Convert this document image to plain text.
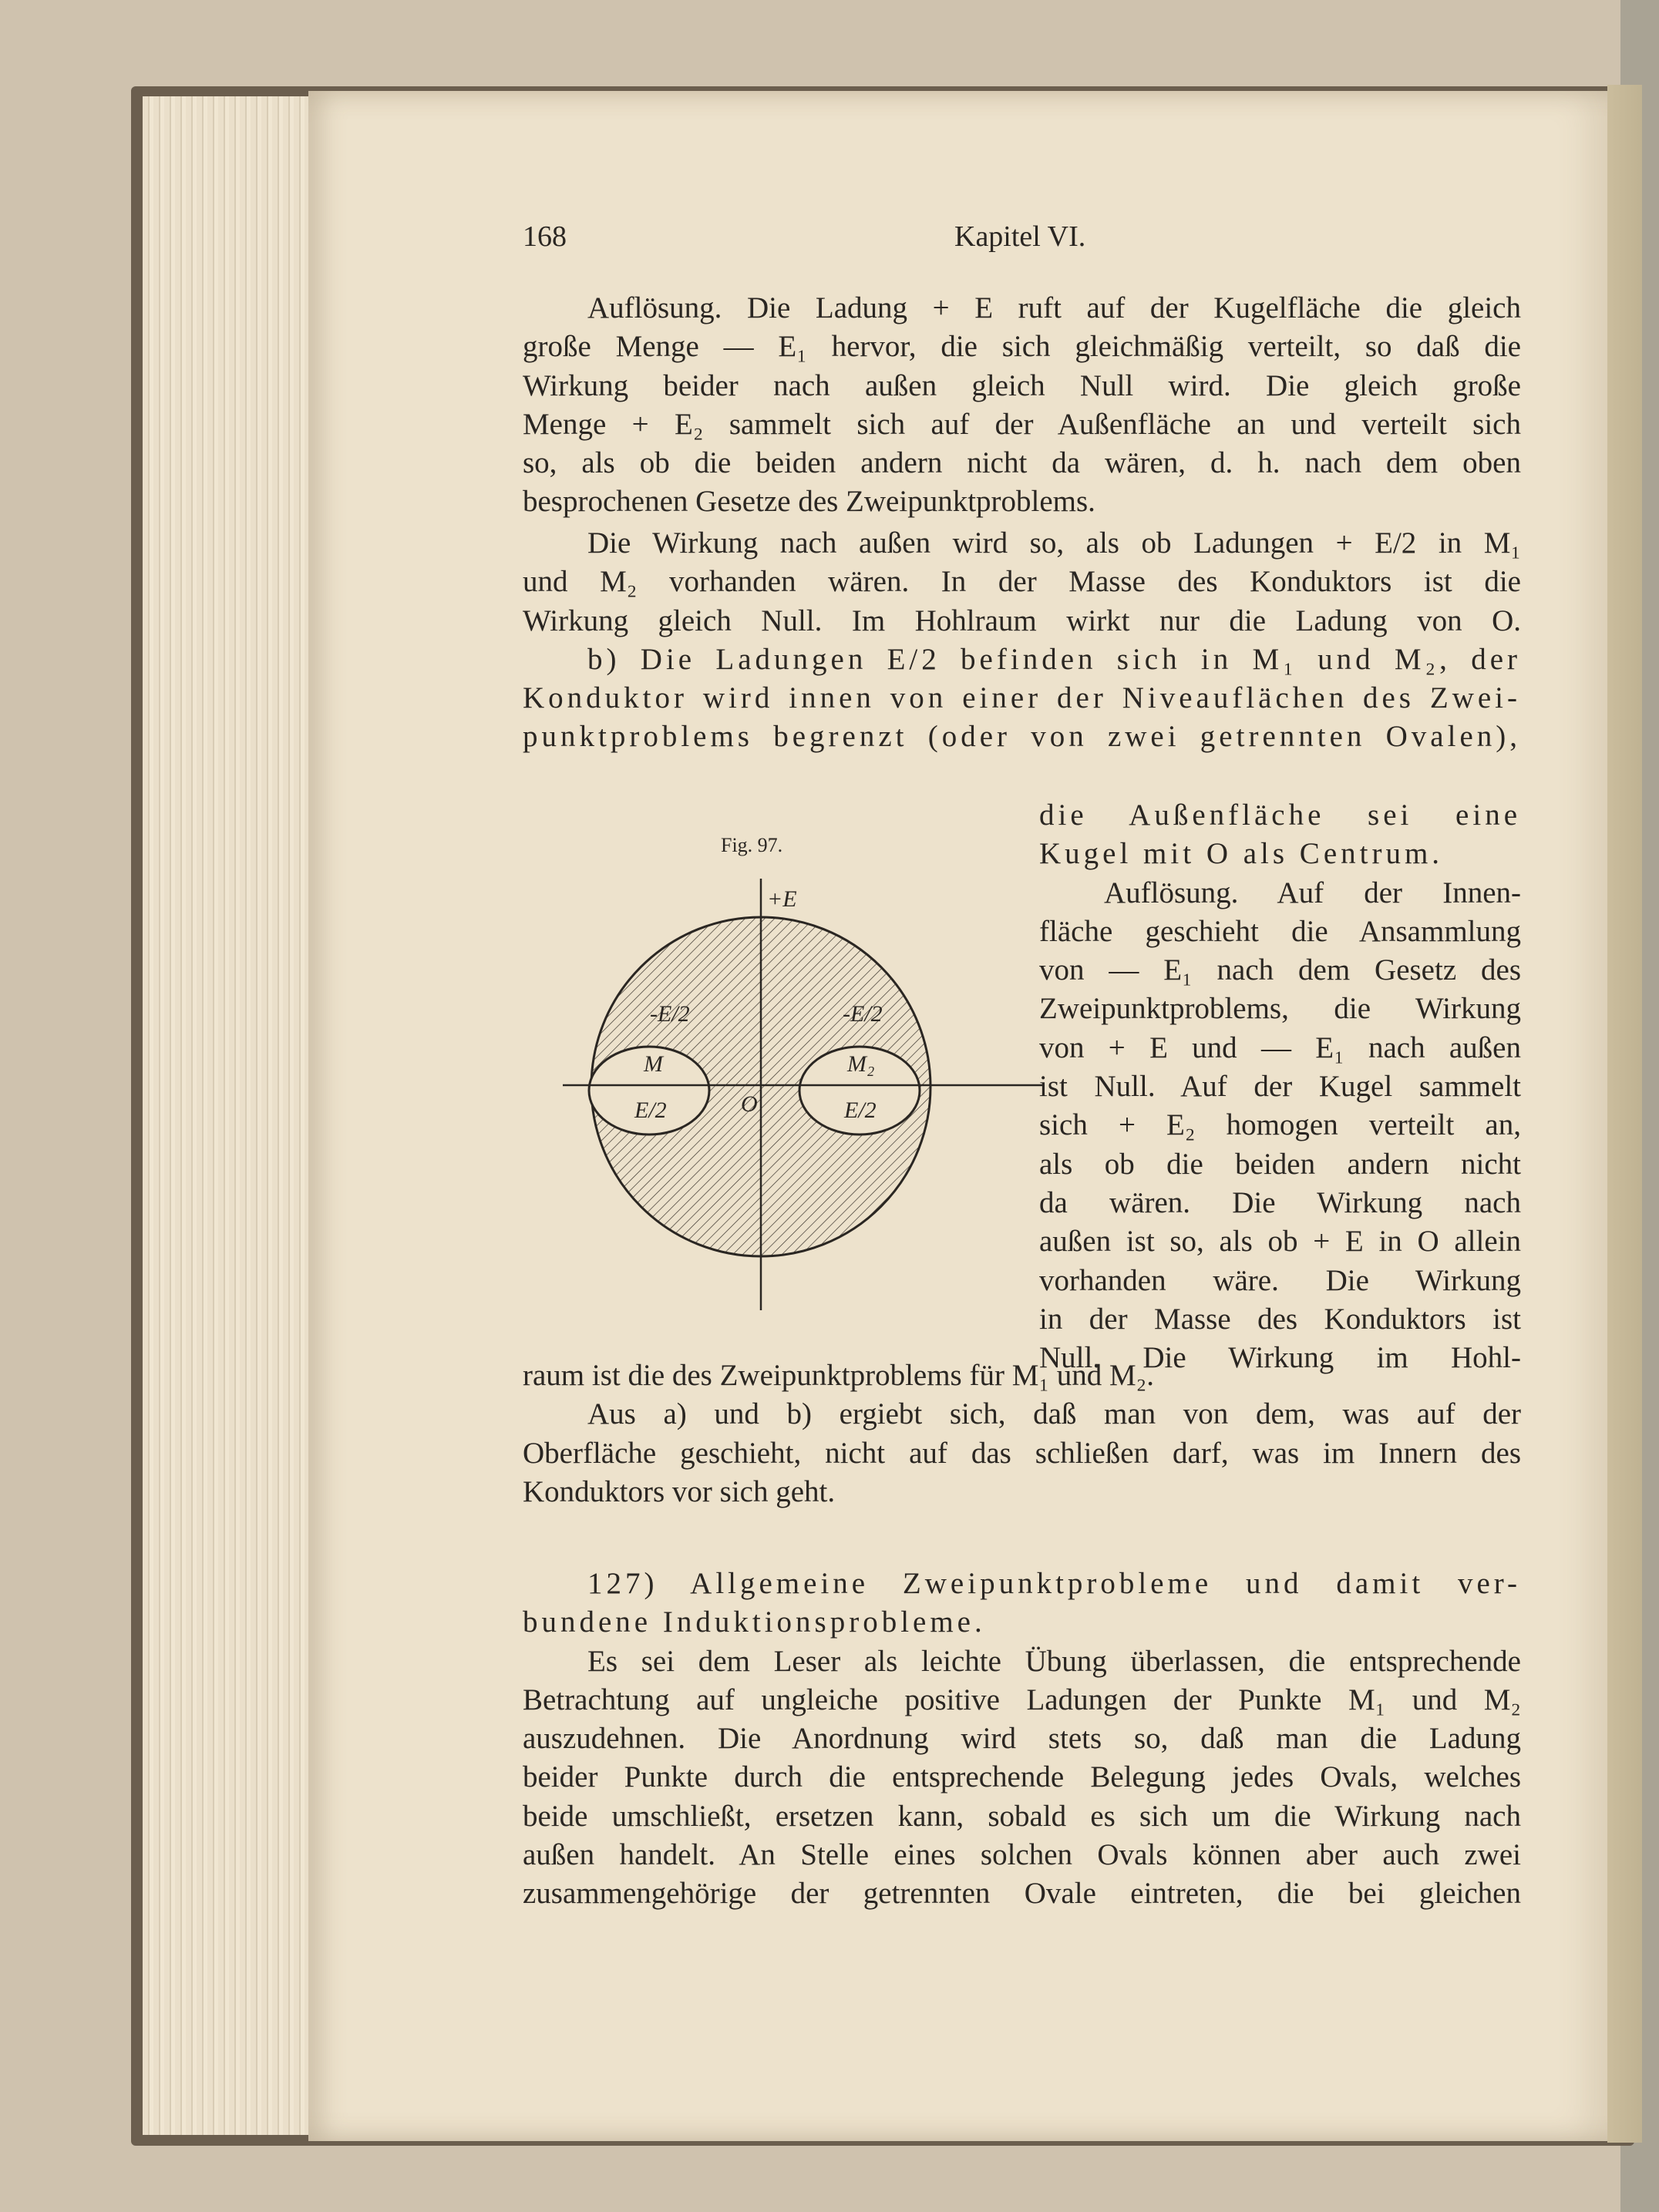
168	Kapitel VI.
Auflösung. Die Ladung + E ruft auf der Kugelfläche die gleich
große Menge — E₁ hervor, die sich gleichmäßig verteilt, so daß die
Wirkung beider nach außen gleich Null wird. Die gleich große
Menge + E₂ sammelt sich auf der Außenfläche an und verteilt sich
so, als ob die beiden andern nicht da wären, d. h. nach dem oben
besprochenen Gesetze des Zweipunktproblems.
Die Wirkung nach außen wird so, als ob Ladungen + E/2 in M₁
und M₂ vorhanden wären. In der Masse des Konduktors ist die
Wirkung gleich Null. Im Hohlraum wirkt nur die Ladung von O.
b) Die Ladungen E/2 befinden sich in M₁ und M₂, der
Konduktor wird innen von einer der Niveauflächen des Zwei-
punktproblems begrenzt (oder von zwei getrennten Ovalen),
Fig. 97.
+E
-E/2	-E/2
M	M₂
E/2	E/2
O
die Außenfläche sei eine
Kugel mit O als Centrum.
Auflösung. Auf der Innen-
fläche geschieht die Ansammlung
von — E₁ nach dem Gesetz des
Zweipunktproblems, die Wirkung
von + E und — E₁ nach außen
ist Null. Auf der Kugel sammelt
sich + E₂ homogen verteilt an,
als ob die beiden andern nicht
da wären. Die Wirkung nach
außen ist so, als ob + E in O allein
vorhanden wäre. Die Wirkung
in der Masse des Konduktors ist
Null. Die Wirkung im Hohl-
raum ist die des Zweipunktproblems für M₁ und M₂.
Aus a) und b) ergiebt sich, daß man von dem, was auf der
Oberfläche geschieht, nicht auf das schließen darf, was im Innern des
Konduktors vor sich geht.
127) Allgemeine Zweipunktprobleme und damit ver-
bundene Induktionsprobleme.
Es sei dem Leser als leichte Übung überlassen, die entsprechende
Betrachtung auf ungleiche positive Ladungen der Punkte M₁ und M₂
auszudehnen. Die Anordnung wird stets so, daß man die Ladung
beider Punkte durch die entsprechende Belegung jedes Ovals, welches
beide umschließt, ersetzen kann, sobald es sich um die Wirkung nach
außen handelt. An Stelle eines solchen Ovals können aber auch zwei
zusammengehörige der getrennten Ovale eintreten, die bei gleichen
